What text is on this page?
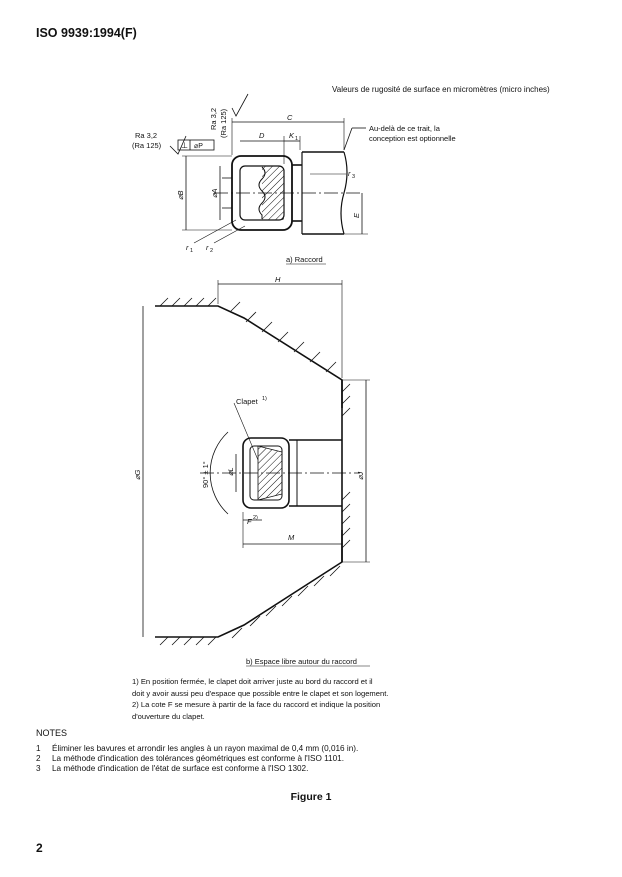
ISO 9939:1994(F)
Valeurs de rugosité de surface en micromètres (micro inches)
Ra 3,2
(Ra 125)
Ra 3,2 (Ra 125)
⊥ ⌀P
C
D	K 1
⌀B	⌀A
E
r 1 r 2
r 3
Au-delà de ce trait, la
conception est optionnelle
a) Raccord
H
⌀G	⌀J
⌀L
90° ± 1°
F 2)
M
Clapet 1)
b) Espace libre autour du raccord
1) En position fermée, le clapet doit arriver juste au bord du raccord et il
doit y avoir aussi peu d'espace que possible entre le clapet et son logement.
2) La cote F se mesure à partir de la face du raccord et indique la position
d'ouverture du clapet.
NOTES
1 Éliminer les bavures et arrondir les angles à un rayon maximal de 0,4 mm (0,016 in).
2 La méthode d'indication des tolérances géométriques est conforme à l'ISO 1101.
3 La méthode d'indication de l'état de surface est conforme à l'ISO 1302.
Figure 1
2
